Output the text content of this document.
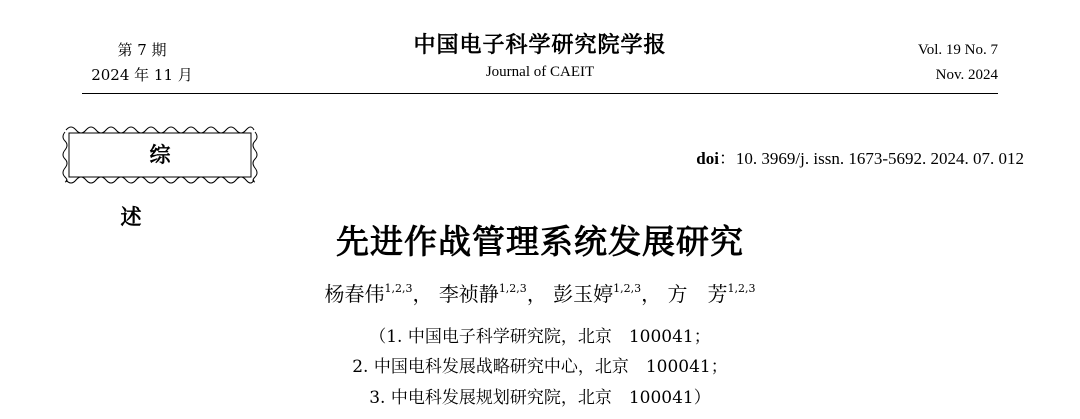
第 7 期
2024 年 11 月
中国电子科学研究院学报
Journal of CAEIT
Vol. 19 No. 7
Nov. 2024
综述
doi：10. 3969/j. issn. 1673-5692. 2024. 07. 012
先进作战管理系统发展研究
杨春伟$^{1,2,3}$， 李祯静$^{1,2,3}$， 彭玉婷$^{1,2,3}$， 方　芳$^{1,2,3}$
（1. 中国电子科学研究院，北京　100041；
2. 中国电科发展战略研究中心，北京　100041；
3. 中电科发展规划研究院，北京　100041）
